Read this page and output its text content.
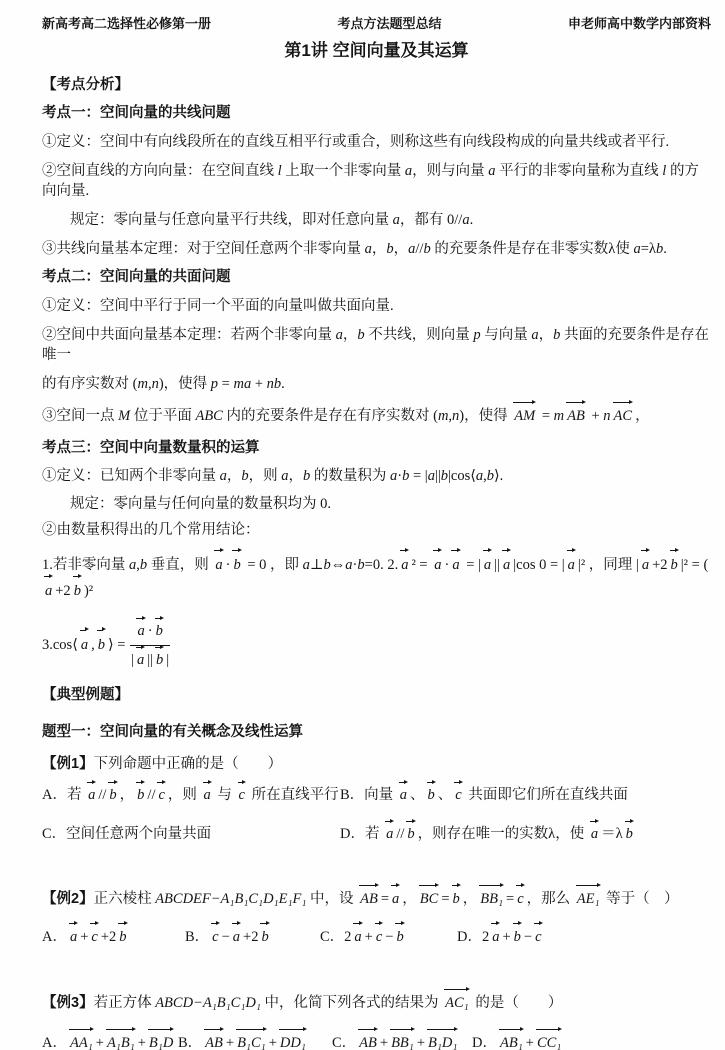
新高考高二选择性必修第一册	考点方法题型总结	申老师高中数学内部资料
第1讲 空间向量及其运算
【考点分析】
考点一：空间向量的共线问题

①定义：空间中有向线段所在的直线互相平行或重合，则称这些有向线段构成的向量共线或者平行.

②空间直线的方向向量：在空间直线 l 上取一个非零向量 a，则与向量 a 平行的非零向量称为直线 l 的方向向量.

规定：零向量与任意向量平行共线，即对任意向量 a，都有 0//a.

③共线向量基本定理：对于空间任意两个非零向量 a，b，a//b 的充要条件是存在非零实数λ使 a=λb.

考点二：空间向量的共面问题

①定义：空间中平行于同一个平面的向量叫做共面向量.

②空间中共面向量基本定理：若两个非零向量 a，b 不共线，则向量 p 与向量 a，b 共面的充要条件是存在唯一

的有序实数对 (m,n)，使得 p = ma + nb.

③空间一点 M 位于平面 ABC 内的充要条件是存在有序实数对 (m,n)，使得 AM = m AB + n AC ，

考点三：空间中向量数量积的运算

①定义：已知两个非零向量 a，b，则 a，b 的数量积为 a·b = |a||b|cos⟨a,b⟩.

规定：零向量与任何向量的数量积均为 0.

②由数量积得出的几个常用结论：

1.若非零向量 a,b 垂直，则 a · b = 0 ，即 a⊥b⇔a·b=0. 2. a ² = a · a = | a || a |cos 0 = | a |² ，同理 | a +2 b |² = (a +2 b )²

3.cos⟨ a , b ⟩ = $\frac{a \cdot b}{| a || b |}$
【典型例题】
题型一：空间向量的有关概念及线性运算

【例1】下列命题中正确的是（　　）

A．若 a // b ， b // c ，则 a 与 c 所在直线平行 B．向量 a 、 b 、 c 共面即它们所在直线共面
C．空间任意两个向量共面	D．若 a // b ，则存在唯一的实数λ，使 a ＝λ b

【例2】正六棱柱 ABCDEF−A₁B₁C₁D₁E₁F₁ 中，设 AB = a ， BC = b ， BB₁ = c ，那么 AE₁ 等于（　）

A． a + c +2 b	B． c − a +2 b	C．2 a + c − b	D．2 a + b − c

【例3】若正方体 ABCD−A₁B₁C₁D₁ 中，化简下列各式的结果为 AC₁ 的是（　　）

A． AA₁ + A₁B₁ + B₁D B． AB + B₁C₁ + DD₁	C． AB + BB₁ + B₁D₁	D． AB₁ + CC₁
